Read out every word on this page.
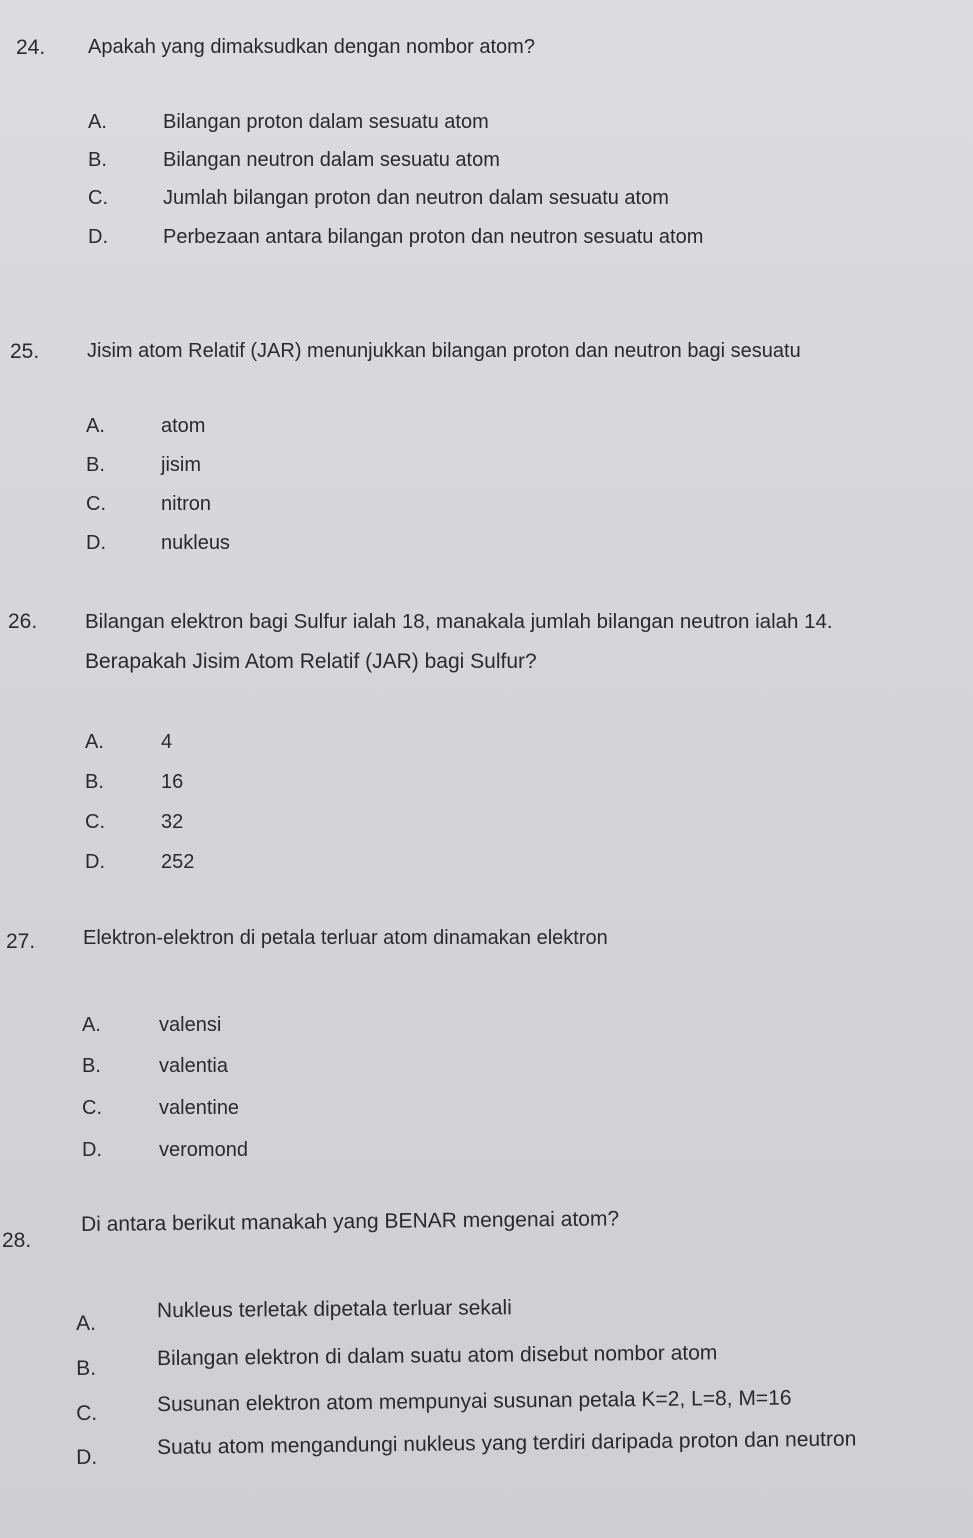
24. Apakah yang dimaksudkan dengan nombor atom?
A.	Bilangan proton dalam sesuatu atom
B.	Bilangan neutron dalam sesuatu atom
C.	Jumlah bilangan proton dan neutron dalam sesuatu atom
D.	Perbezaan antara bilangan proton dan neutron sesuatu atom
25. Jisim atom Relatif (JAR) menunjukkan bilangan proton dan neutron bagi sesuatu
A.	atom
B.	jisim
C.	nitron
D.	nukleus
26. Bilangan elektron bagi Sulfur ialah 18, manakala jumlah bilangan neutron ialah 14.
Berapakah Jisim Atom Relatif (JAR) bagi Sulfur?
A.	4
B.	16
C.	32
D.	252
27. Elektron-elektron di petala terluar atom dinamakan elektron
A.	valensi
B.	valentia
C.	valentine
D.	veromond
28.
Di antara berikut manakah yang BENAR mengenai atom?
A.
Nukleus terletak dipetala terluar sekali
B.	Bilangan elektron di dalam suatu atom disebut nombor atom
C.	Susunan elektron atom mempunyai susunan petala K=2, L=8, M=16
D.	Suatu atom mengandungi nukleus yang terdiri daripada proton dan neutron
